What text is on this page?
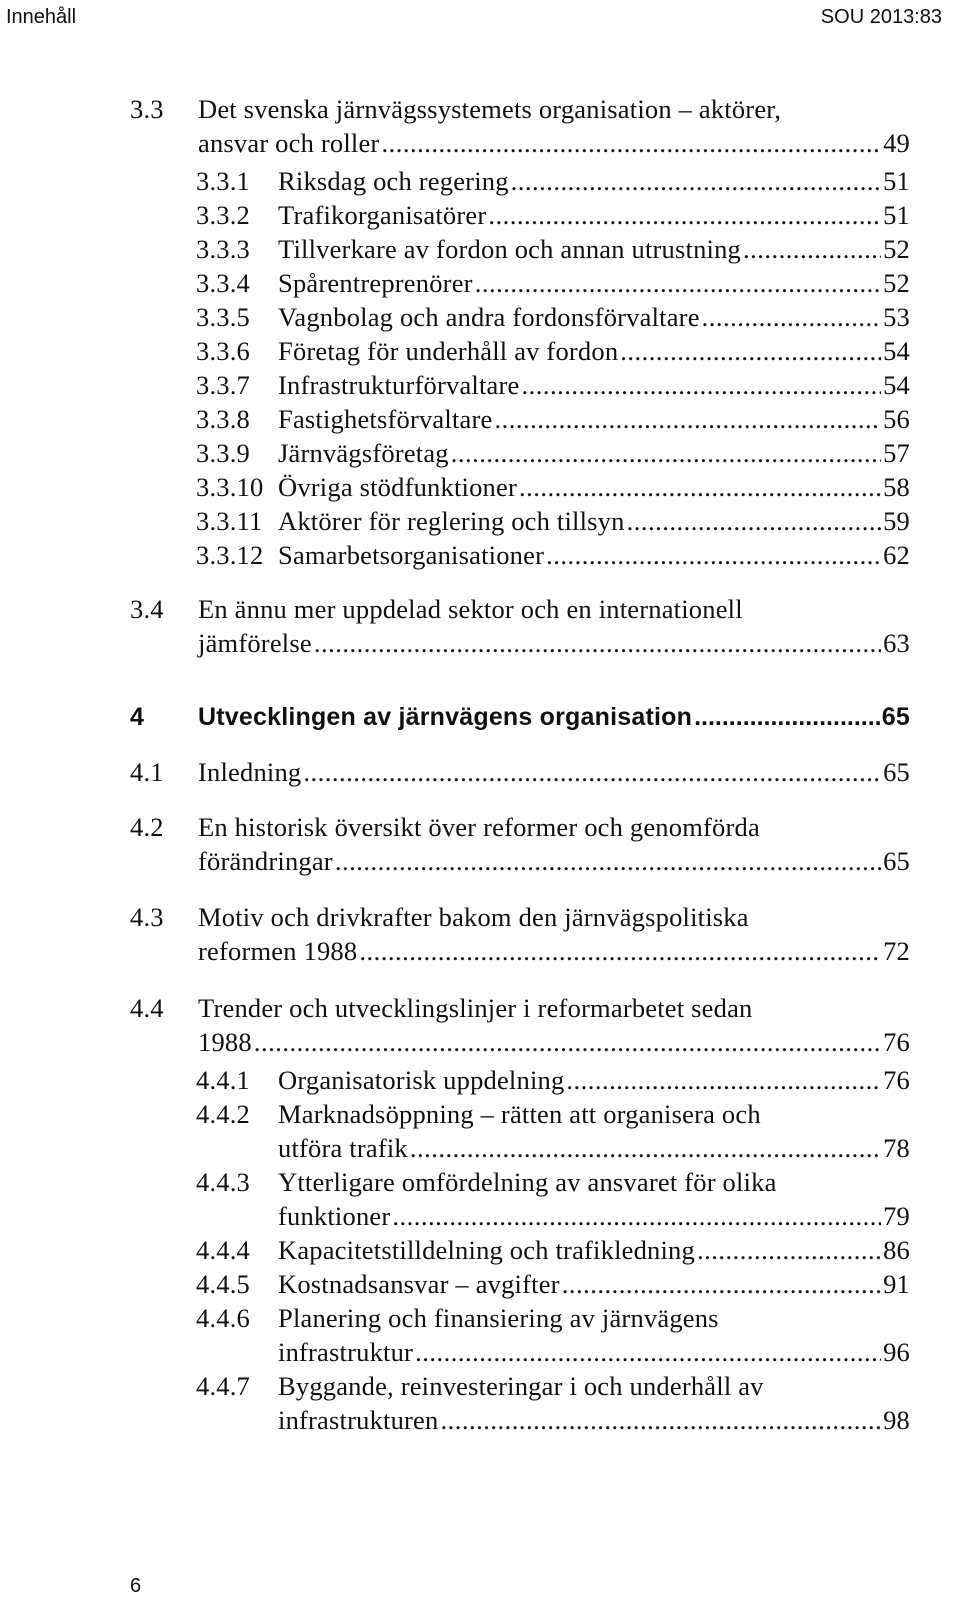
Innehåll	SOU 2013:83
3.3 Det svenska järnvägssystemets organisation – aktörer,
ansvar och roller .....	49
3.3.1 Riksdag och regering .....	51
3.3.2 Trafikorganisatörer .....	51
3.3.3 Tillverkare av fordon och annan utrustning .....	52
3.3.4 Spårentreprenörer .....	52
3.3.5 Vagnbolag och andra fordonsförvaltare .....	53
3.3.6 Företag för underhåll av fordon .....	54
3.3.7 Infrastrukturförvaltare .....	54
3.3.8 Fastighetsförvaltare .....	56
3.3.9 Järnvägsföretag .....	57
3.3.10 Övriga stödfunktioner .....	58
3.3.11 Aktörer för reglering och tillsyn .....	59
3.3.12 Samarbetsorganisationer .....	62
3.4 En ännu mer uppdelad sektor och en internationell
jämförelse .....	63
4 Utvecklingen av järnvägens organisation .....	65
4.1 Inledning .....	65
4.2 En historisk översikt över reformer och genomförda
förändringar .....	65
4.3 Motiv och drivkrafter bakom den järnvägspolitiska
reformen 1988 .....	72
4.4 Trender och utvecklingslinjer i reformarbetet sedan
1988 .....	76
4.4.1 Organisatorisk uppdelning .....	76
4.4.2 Marknadsöppning – rätten att organisera och
utföra trafik .....	78
4.4.3 Ytterligare omfördelning av ansvaret för olika
funktioner .....	79
4.4.4 Kapacitetstilldelning och trafikledning .....	86
4.4.5 Kostnadsansvar – avgifter .....	91
4.4.6 Planering och finansiering av järnvägens
infrastruktur .....	96
4.4.7 Byggande, reinvesteringar i och underhåll av
infrastrukturen .....	98
6
